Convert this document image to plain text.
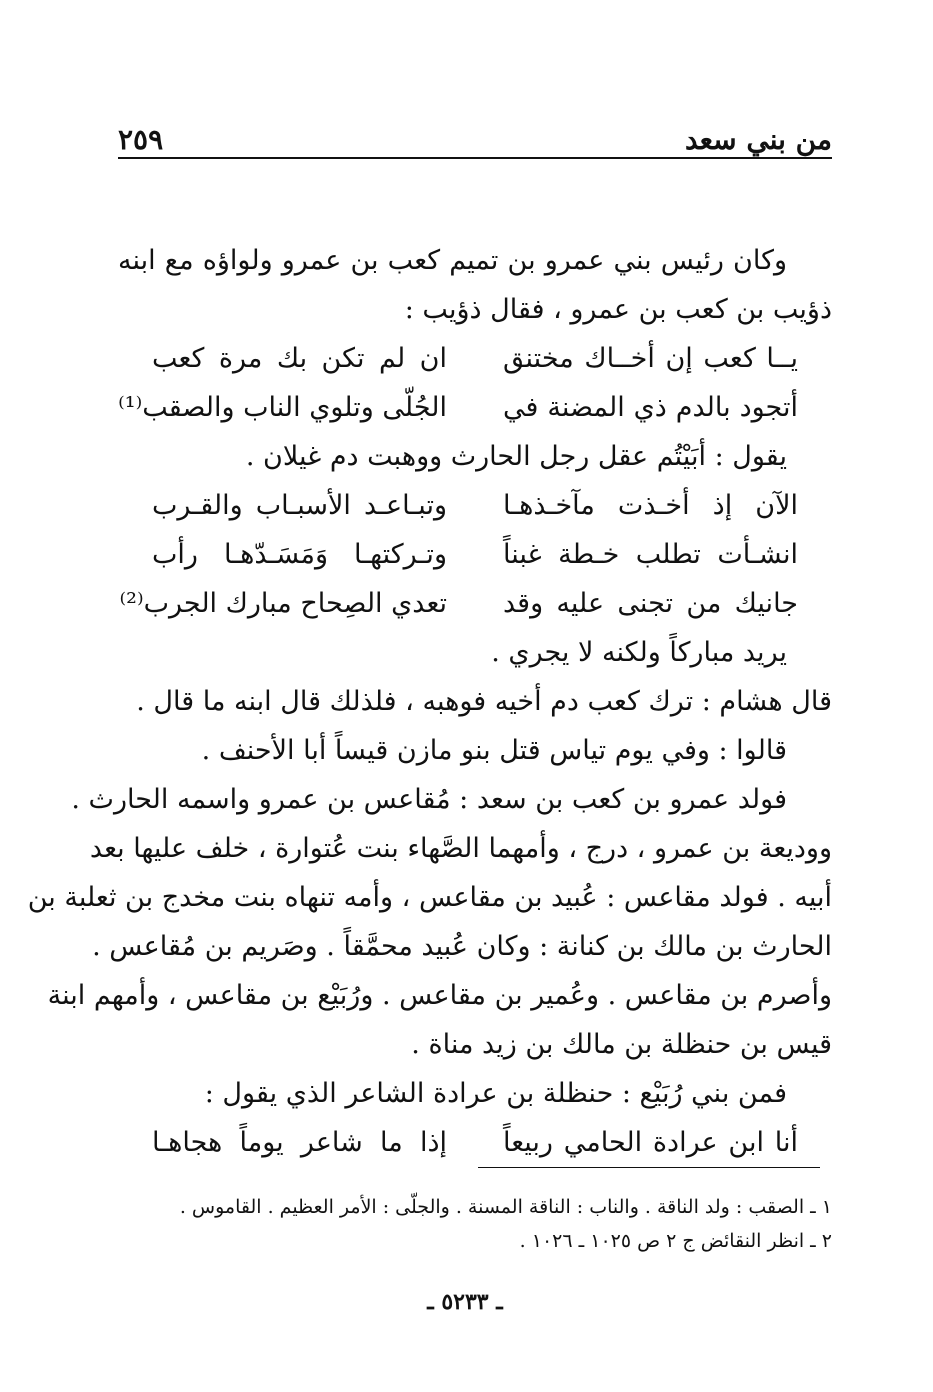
٢٥٩	من بني سعد
وكان رئيس بني عمرو بن تميم كعب بن عمرو ولواؤه مع ابنه
ذؤيب بن كعب بن عمرو ، فقال ذؤيب :
يــا كعب إن أخــاك مختنق
ان لم تكن بك مرة كعب
أتجود بالدم ذي المضنة في
الجُلّى وتلوي الناب والصقب⁽¹⁾
يقول : أبَيْتُم عقل رجل الحارث ووهبت دم غيلان .
الآن إذ أخـذت مآخـذهـا
وتبـاعـد الأسبـاب والقـرب
انشـأت تطلب خـطة غبناً
وتـركتهـا وَمَسَـدّهـا رأب
جانيك من تجنى عليه وقد
تعدي الصِحاح مبارك الجرب⁽²⁾
يريد مباركاً ولكنه لا يجري .
قال هشام : ترك كعب دم أخيه فوهبه ، فلذلك قال ابنه ما قال .
قالوا : وفي يوم تياس قتل بنو مازن قيساً أبا الأحنف .
فولد عمرو بن كعب بن سعد : مُقاعس بن عمرو واسمه الحارث .
ووديعة بن عمرو ، درج ، وأمهما الصَّهاء بنت عُتوارة ، خلف عليها بعد
أبيه . فولد مقاعس : عُبيد بن مقاعس ، وأمه تنهاه بنت مخدج بن ثعلبة بن
الحارث بن مالك بن كنانة : وكان عُبيد محمَّقاً . وصَريم بن مُقاعس .
وأصرم بن مقاعس . وعُمير بن مقاعس . ورُبَيْع بن مقاعس ، وأمهم ابنة
قيس بن حنظلة بن مالك بن زيد مناة .
فمن بني رُبَيْع : حنظلة بن عرادة الشاعر الذي يقول :
أنا ابن عرادة الحامي ربيعاً
إذا ما شاعر يوماً هجاهـا
١ ـ الصقب : ولد الناقة . والناب : الناقة المسنة . والجلّى : الأمر العظيم . القاموس .
٢ ـ انظر النقائض ج ٢ ص ١٠٢٥ ـ ١٠٢٦ .
ـ ٥٢٣٣ ـ
